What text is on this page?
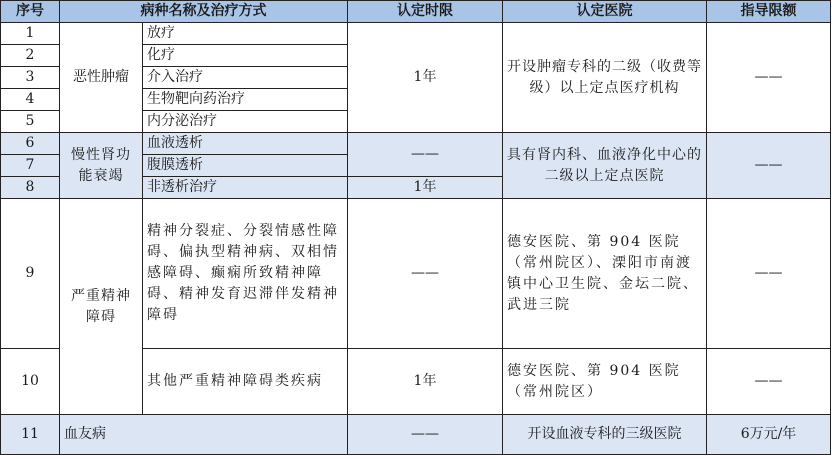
序号	病种名称及治疗方式		认定时限	认定医院	指导限额
1	恶性肿瘤	放疗	1年	开设肿瘤专科的二级（收费等级）以上定点医疗机构	——
2		化疗			
3		介入治疗			
4		生物靶向药治疗			
5		内分泌治疗			
6	慢性肾功能衰竭	血液透析	——	具有肾内科、血液净化中心的二级以上定点医院	——
7		腹膜透析			
8		非透析治疗	1年		
9	严重精神障碍	精神分裂症、分裂情感性障碍、偏执型精神病、双相情感障碍、癫痫所致精神障碍、精神发育迟滞伴发精神障碍	——	德安医院、第 904 医院（常州院区）、溧阳市南渡镇中心卫生院、金坛二院、武进三院	——
10		其他严重精神障碍类疾病	1年	德安医院、第 904 医院（常州院区）	——
11	血友病		——	开设血液专科的三级医院	6万元/年
